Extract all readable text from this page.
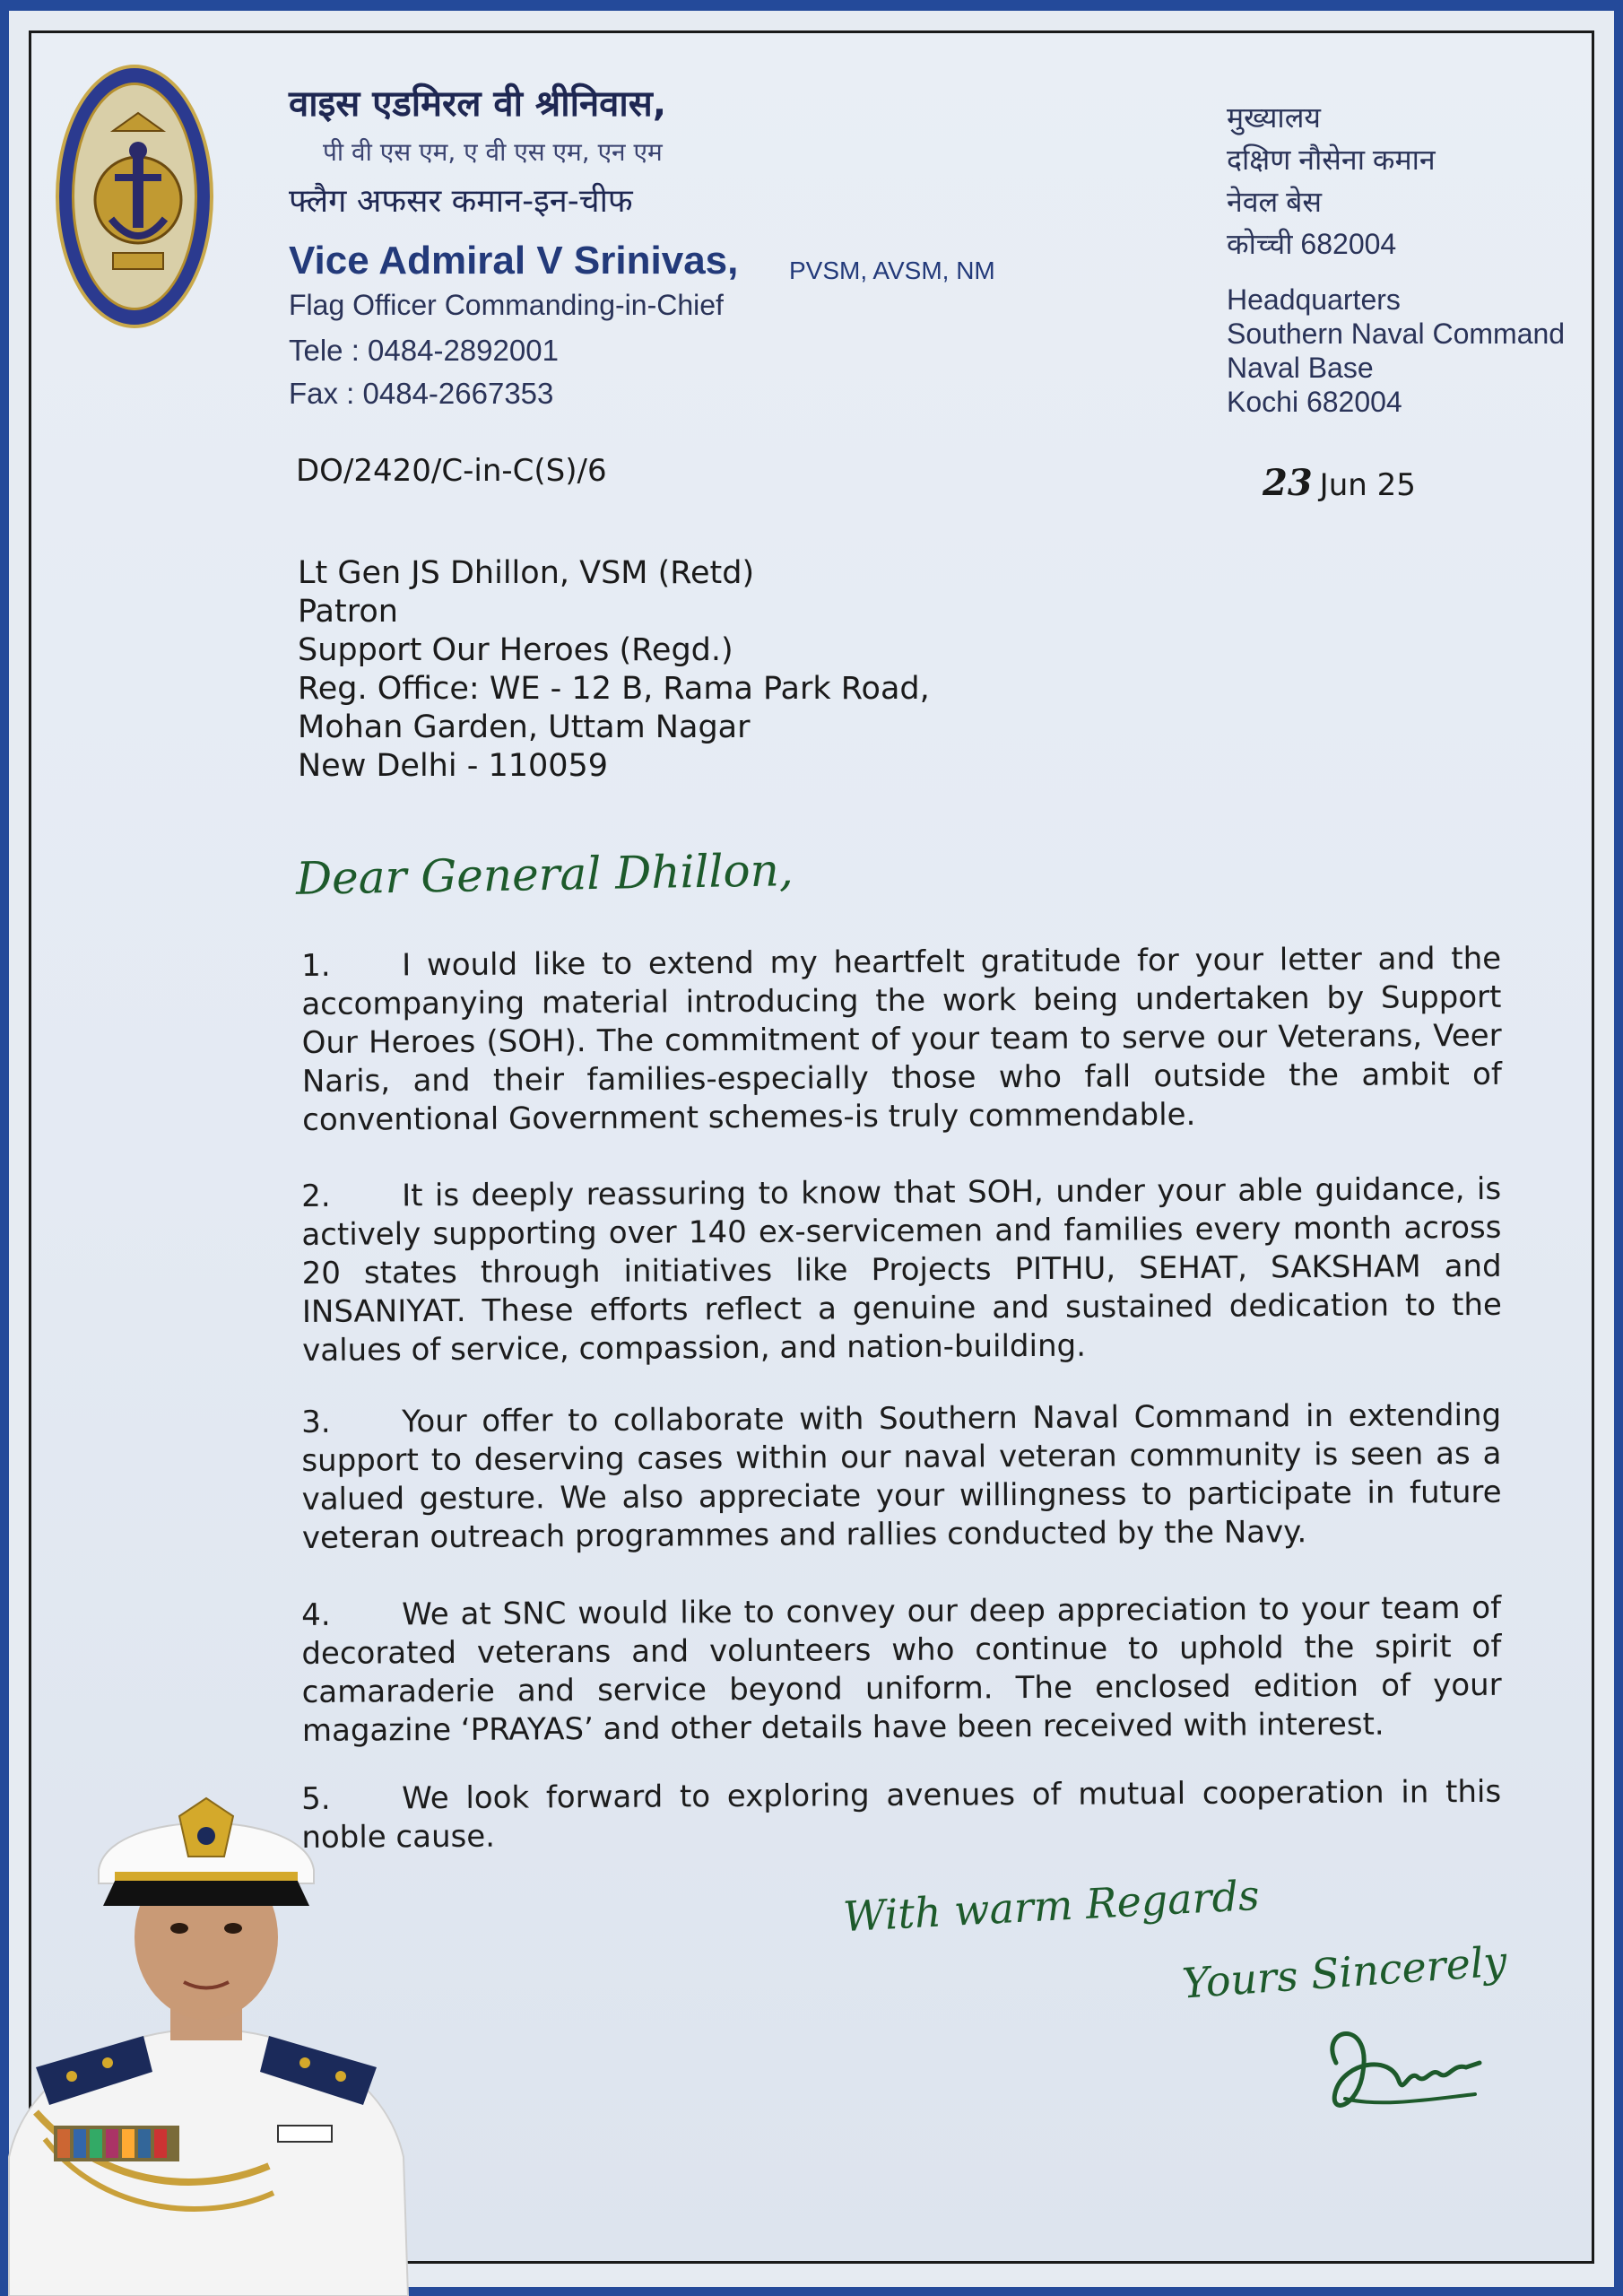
वाइस एडमिरल वी श्रीनिवास,
पी वी एस एम, ए वी एस एम, एन एम
फ्लैग अफसर कमान-इन-चीफ
Vice Admiral V Srinivas, PVSM, AVSM, NM
Flag Officer Commanding-in-Chief
Tele : 0484-2892001
Fax : 0484-2667353
मुख्यालय
दक्षिण नौसेना कमान
नेवल बेस
कोच्ची 682004
Headquarters
Southern Naval Command
Naval Base
Kochi 682004
DO/2420/C-in-C(S)/6	23 Jun 25
Lt Gen JS Dhillon, VSM (Retd)
Patron
Support Our Heroes (Regd.)
Reg. Office: WE - 12 B, Rama Park Road,
Mohan Garden, Uttam Nagar
New Delhi - 110059
Dear General Dhillon,
1. I would like to extend my heartfelt gratitude for your letter and the accompanying material introducing the work being undertaken by Support Our Heroes (SOH). The commitment of your team to serve our Veterans, Veer Naris, and their families-especially those who fall outside the ambit of conventional Government schemes-is truly commendable.
2. It is deeply reassuring to know that SOH, under your able guidance, is actively supporting over 140 ex-servicemen and families every month across 20 states through initiatives like Projects PITHU, SEHAT, SAKSHAM and INSANIYAT. These efforts reflect a genuine and sustained dedication to the values of service, compassion, and nation-building.
3. Your offer to collaborate with Southern Naval Command in extending support to deserving cases within our naval veteran community is seen as a valued gesture. We also appreciate your willingness to participate in future veteran outreach programmes and rallies conducted by the Navy.
4. We at SNC would like to convey our deep appreciation to your team of decorated veterans and volunteers who continue to uphold the spirit of camaraderie and service beyond uniform. The enclosed edition of your magazine ‘PRAYAS’ and other details have been received with interest.
5. We look forward to exploring avenues of mutual cooperation in this noble cause.
With warm Regards
Yours Sincerely
